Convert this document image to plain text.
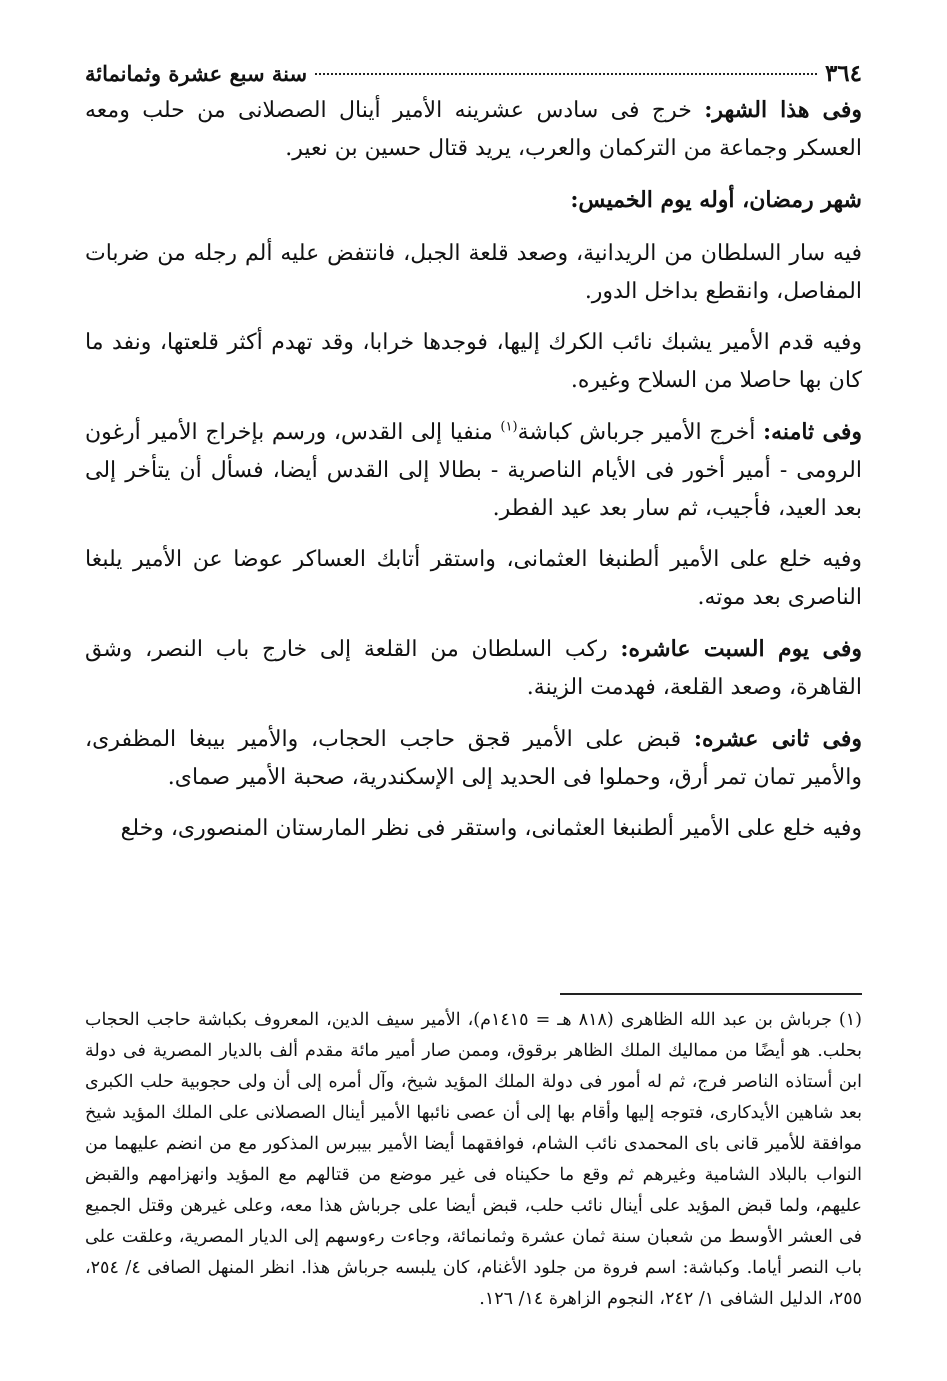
٣٦٤
سنة سبع عشرة وثمانمائة

وفى هذا الشهر: خرج فى سادس عشرينه الأمير أينال الصصلانى من حلب ومعه العسكر وجماعة من التركمان والعرب، يريد قتال حسين بن نعير.

شهر رمضان، أوله يوم الخميس:

فيه سار السلطان من الريدانية، وصعد قلعة الجبل، فانتفض عليه ألم رجله من ضربات المفاصل، وانقطع بداخل الدور.

وفيه قدم الأمير يشبك نائب الكرك إليها، فوجدها خرابا، وقد تهدم أكثر قلعتها، ونفد ما كان بها حاصلا من السلاح وغيره.

وفى ثامنه: أخرج الأمير جرباش كباشة$^{(١)}$ منفيا إلى القدس، ورسم بإخراج الأمير أرغون الرومى - أمير أخور فى الأيام الناصرية - بطالا إلى القدس أيضا، فسأل أن يتأخر إلى بعد العيد، فأجيب، ثم سار بعد عيد الفطر.

وفيه خلع على الأمير ألطنبغا العثمانى، واستقر أتابك العساكر عوضا عن الأمير يلبغا الناصرى بعد موته.

وفى يوم السبت عاشره: ركب السلطان من القلعة إلى خارج باب النصر، وشق القاهرة، وصعد القلعة، فهدمت الزينة.

وفى ثانى عشره: قبض على الأمير قجق حاجب الحجاب، والأمير بيبغا المظفرى، والأمير تمان تمر أرق، وحملوا فى الحديد إلى الإسكندرية، صحبة الأمير صماى.

وفيه خلع على الأمير ألطنبغا العثمانى، واستقر فى نظر المارستان المنصورى، وخلع

(١) جرباش بن عبد الله الظاهرى (٨١٨ هـ = ١٤١٥م)، الأمير سيف الدين، المعروف بكباشة حاجب الحجاب بحلب. هو أيضًا من مماليك الملك الظاهر برقوق، وممن صار أمير مائة مقدم ألف بالديار المصرية فى دولة ابن أستاذه الناصر فرج، ثم له أمور فى دولة الملك المؤيد شيخ، وآل أمره إلى أن ولى حجوبية حلب الكبرى بعد شاهين الأيدكارى، فتوجه إليها وأقام بها إلى أن عصى نائبها الأمير أينال الصصلانى على الملك المؤيد شيخ موافقة للأمير قانى باى المحمدى نائب الشام، فوافقهما أيضا الأمير بيبرس المذكور مع من انضم عليهما من النواب بالبلاد الشامية وغيرهم ثم وقع ما حكيناه فى غير موضع من قتالهم مع المؤيد وانهزامهم والقبض عليهم، ولما قبض المؤيد على أينال نائب حلب، قبض أيضا على جرباش هذا معه، وعلى غيرهن وقتل الجميع فى العشر الأوسط من شعبان سنة ثمان عشرة وثمانمائة، وجاءت رءوسهم إلى الديار المصرية، وعلقت على باب النصر أياما. وكباشة: اسم فروة من جلود الأغنام، كان يلبسه جرباش هذا. انظر المنهل الصافى ٤/ ٢٥٤، ٢٥٥، الدليل الشافى ١/ ٢٤٢، النجوم الزاهرة ١٤/ ١٢٦.
